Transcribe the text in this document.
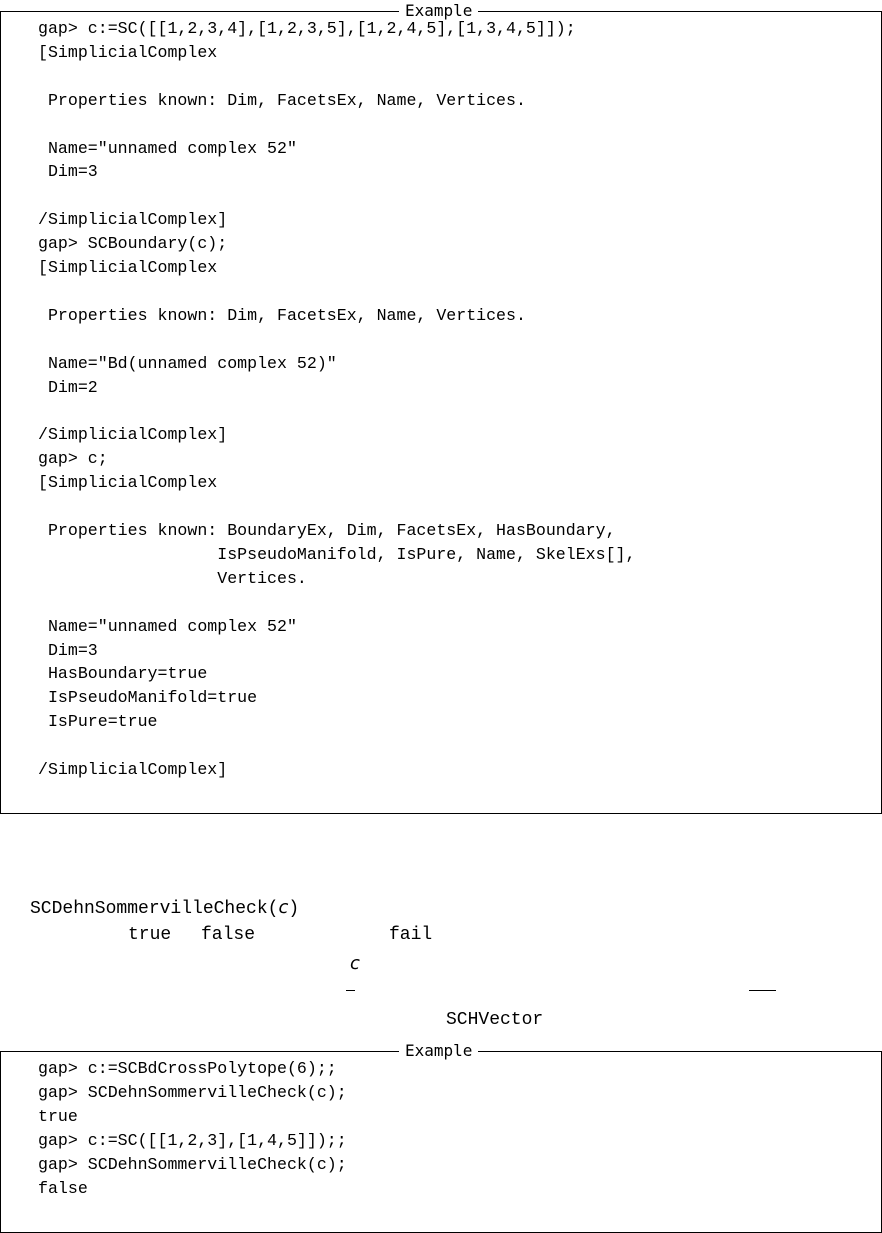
Example
gap> c:=SC([[1,2,3,4],[1,2,3,5],[1,2,4,5],[1,3,4,5]]);
[SimplicialComplex

Properties known: Dim, FacetsEx, Name, Vertices.

Name="unnamed complex 52"
Dim=3

/SimplicialComplex]
gap> SCBoundary(c);
[SimplicialComplex

Properties known: Dim, FacetsEx, Name, Vertices.

Name="Bd(unnamed complex 52)"
Dim=2

/SimplicialComplex]
gap> c;
[SimplicialComplex

Properties known: BoundaryEx, Dim, FacetsEx, HasBoundary,
IsPseudoManifold, IsPure, Name, SkelExs[],
Vertices.

Name="unnamed complex 52"
Dim=3
HasBoundary=true
IsPseudoManifold=true
IsPure=true

/SimplicialComplex]
SCDehnSommervilleCheck(c)
true false	fail
c
SCHVector
Example
gap> c:=SCBdCrossPolytope(6);;
gap> SCDehnSommervilleCheck(c);
true
gap> c:=SC([[1,2,3],[1,4,5]]);;
gap> SCDehnSommervilleCheck(c);
false
